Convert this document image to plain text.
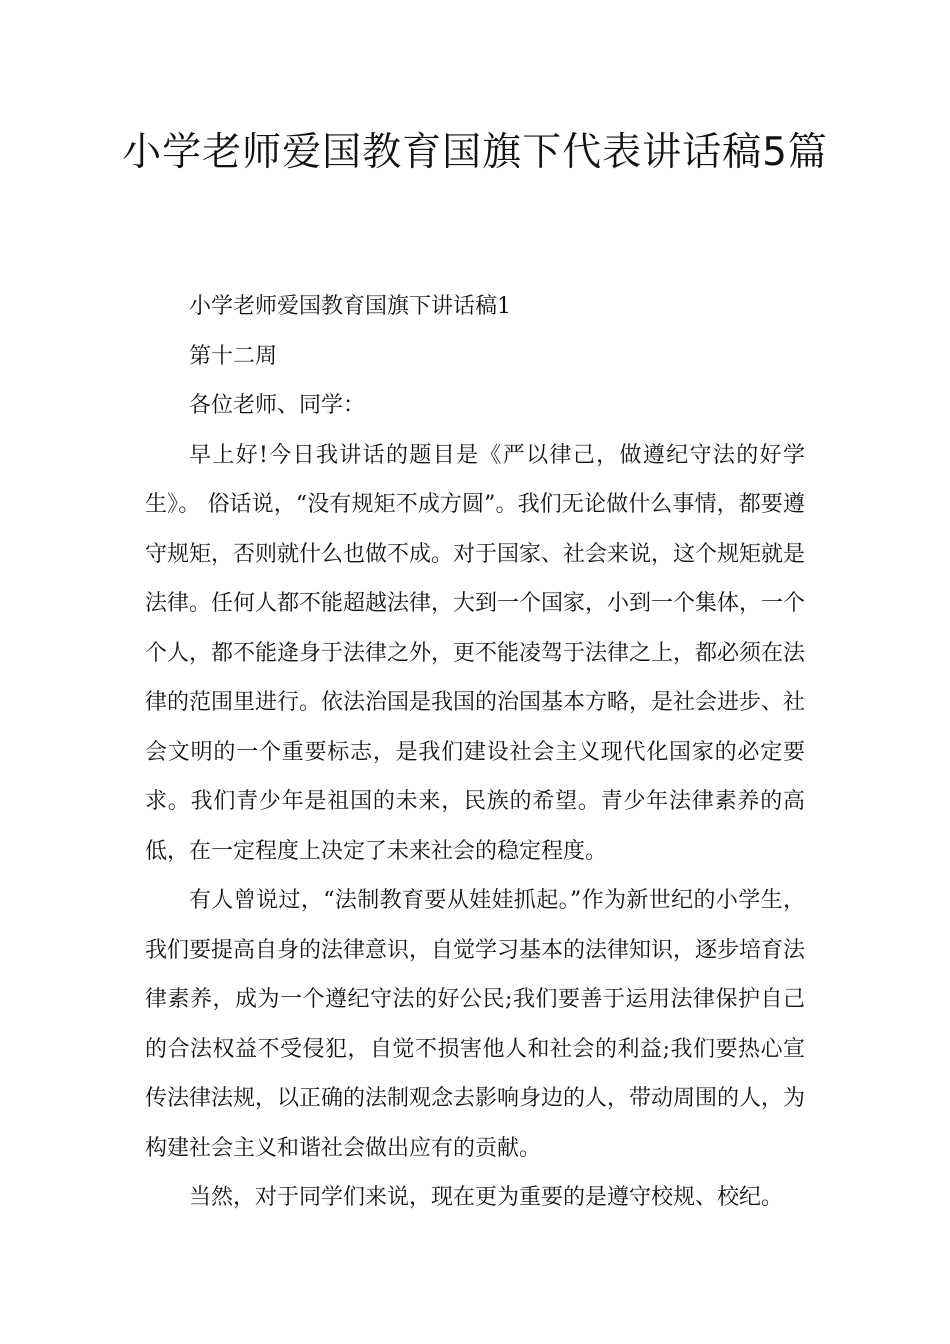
小学老师爱国教育国旗下代表讲话稿5篇

小学老师爱国教育国旗下讲话稿1

第十二周

各位老师、同学：

早上好!今日我讲话的题目是《严以律己，做遵纪守法的好学生》。 俗话说，“没有规矩不成方圆”。我们无论做什么事情，都要遵守规矩，否则就什么也做不成。对于国家、社会来说，这个规矩就是法律。任何人都不能超越法律，大到一个国家，小到一个集体，一个个人，都不能逄身于法律之外，更不能凌驾于法律之上，都必须在法律的范围里进行。依法治国是我国的治国基本方略，是社会进步、社会文明的一个重要标志，是我们建设社会主义现代化国家的必定要求。我们青少年是祖国的未来，民族的希望。青少年法律素养的高低，在一定程度上决定了未来社会的稳定程度。

有人曾说过，“法制教育要从娃娃抓起。”作为新世纪的小学生，我们要提高自身的法律意识，自觉学习基本的法律知识，逐步培育法律素养，成为一个遵纪守法的好公民;我们要善于运用法律保护自己的合法权益不受侵犯，自觉不损害他人和社会的利益;我们要热心宣传法律法规，以正确的法制观念去影响身边的人，带动周围的人，为构建社会主义和谐社会做出应有的贡献。

当然，对于同学们来说，现在更为重要的是遵守校规、校纪。
